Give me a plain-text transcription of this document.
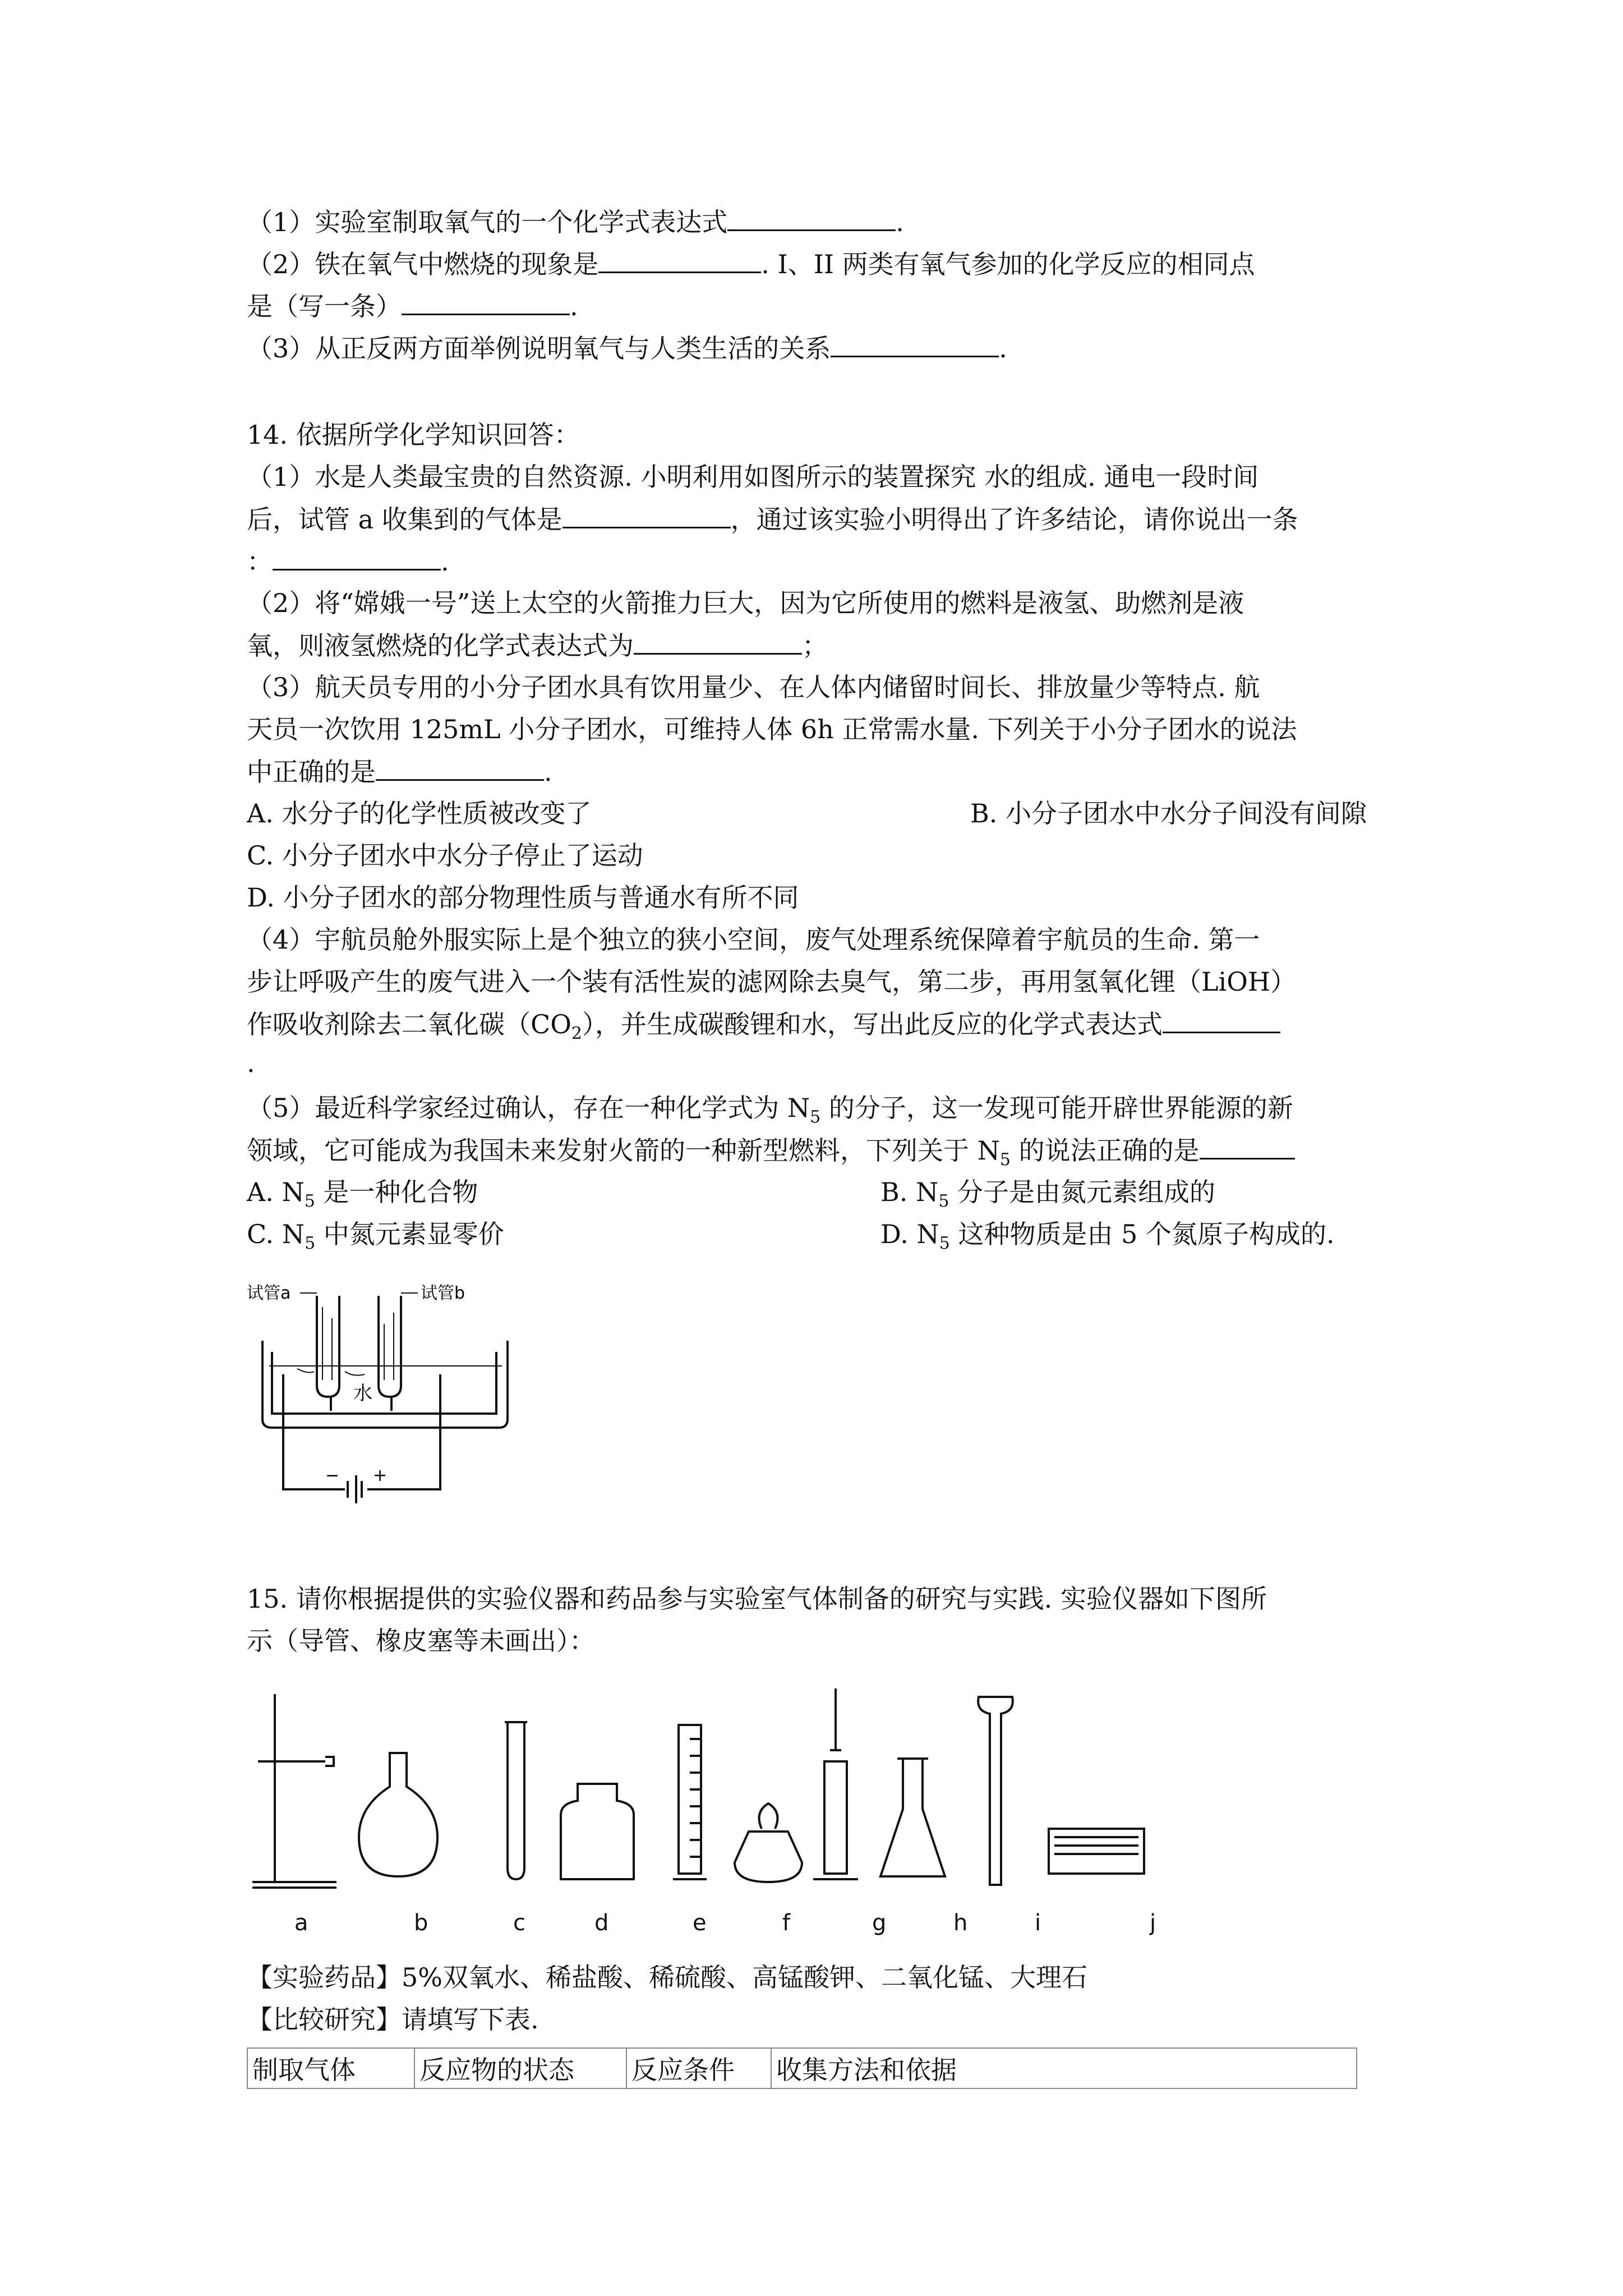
（1）实验室制取氧气的一个化学式表达式	.
（2）铁在氧气中燃烧的现象是	. I、II 两类有氧气参加的化学反应的相同点
是（写一条）	.
（3）从正反两方面举例说明氧气与人类生活的关系	.
14. 依据所学化学知识回答：
（1）水是人类最宝贵的自然资源. 小明利用如图所示的装置探究 水的组成. 通电一段时间
后，试管 a 收集到的气体是	，通过该实验小明得出了许多结论，请你说出一条
：	.
（2）将“嫦娥一号”送上太空的火箭推力巨大，因为它所使用的燃料是液氢、助燃剂是液
氧，则液氢燃烧的化学式表达式为	；
（3）航天员专用的小分子团水具有饮用量少、在人体内储留时间长、排放量少等特点. 航
天员一次饮用 125mL 小分子团水，可维持人体 6h 正常需水量. 下列关于小分子团水的说法
中正确的是	.
A. 水分子的化学性质被改变了	B. 小分子团水中水分子间没有间隙
C. 小分子团水中水分子停止了运动
D. 小分子团水的部分物理性质与普通水有所不同
（4）宇航员舱外服实际上是个独立的狭小空间，废气处理系统保障着宇航员的生命. 第一
步让呼吸产生的废气进入一个装有活性炭的滤网除去臭气，第二步，再用氢氧化锂（LiOH）
作吸收剂除去二氧化碳$(CO_2)$，并生成碳酸锂和水，写出此反应的化学式表达式
.
（5）最近科学家经过确认，存在一种化学式为 $N_5$ 的分子，这一发现可能开辟世界能源的新
领域，它可能成为我国未来发射火箭的一种新型燃料，下列关于 $N_5$ 的说法正确的是
A. $N_5$ 是一种化合物	B. $N_5$ 分子是由氮元素组成的
C. $N_5$ 中氮元素显零价	D. $N_5$ 这种物质是由 5 个氮原子构成的.
试管a	试管b
水
− +
15. 请你根据提供的实验仪器和药品参与实验室气体制备的研究与实践. 实验仪器如下图所
示（导管、橡皮塞等未画出）：
a	b	c	d	e	f	g	h	i	j
【实验药品】5%双氧水、稀盐酸、稀硫酸、高锰酸钾、二氧化锰、大理石
【比较研究】请填写下表.
制取气体	反应物的状态	反应条件	收集方法和依据
